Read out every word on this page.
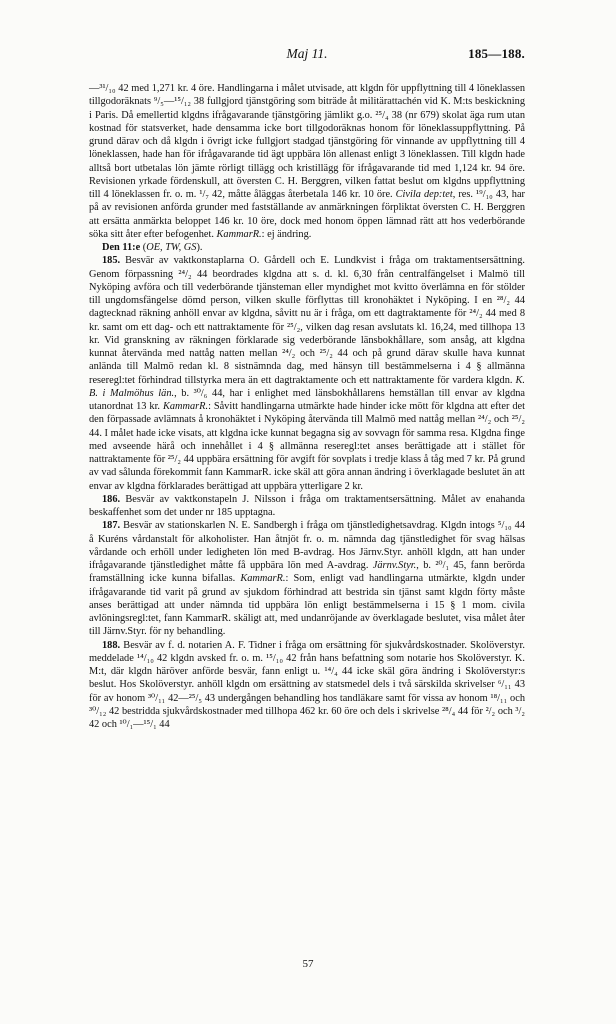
Maj 11.	185—188.

—³¹/₁₀ 42 med 1,271 kr. 4 öre. Handlingarna i målet utvisade, att klgdn för uppflyttning till 4 löneklassen tillgodoräknats ⁹/₅—¹⁵/₁₂ 38 fullgjord tjänstgöring som biträde åt militärattachén vid K. M:ts beskickning i Paris. Då emellertid klgdns ifrågavarande tjänstgöring jämlikt g.o. ²⁵/₄ 38 (nr 679) skolat äga rum utan kostnad för statsverket, hade densamma icke bort tillgodoräknas honom för löneklassuppflyttning. På grund därav och då klgdn i övrigt icke fullgjort stadgad tjänstgöring för vinnande av uppflyttning till 4 löneklassen, hade han för ifrågavarande tid ägt uppbära lön allenast enligt 3 löneklassen. Till klgdn hade alltså bort utbetalas lön jämte rörligt tillägg och kristillägg för ifrågavarande tid med 1,124 kr. 94 öre. Revisionen yrkade fördenskull, att översten C. H. Berggren, vilken fattat beslut om klgdns uppflyttning till 4 löneklassen fr. o. m. ¹/₇ 42, måtte åläggas återbetala 146 kr. 10 öre. Civila dep:tet, res. ¹⁹/₁₀ 43, har på av revisionen anförda grunder med fastställande av anmärkningen förpliktat översten C. H. Berggren att ersätta anmärkta beloppet 146 kr. 10 öre, dock med honom öppen lämnad rätt att hos vederbörande söka sitt åter efter befogenhet. KammarR.: ej ändring.

Den 11:e (OE, TW, GS).

185. Besvär av vaktkonstaplarna O. Gårdell och E. Lundkvist i fråga om traktamentsersättning. Genom förpassning ²⁴/₂ 44 beordrades klgdna att s. d. kl. 6,30 från centralfängelset i Malmö till Nyköping avföra och till vederbörande tjänsteman eller myndighet mot kvitto överlämna en för stölder till ungdomsfängelse dömd person, vilken skulle förflyttas till kronohäktet i Nyköping. I en ²⁸/₂ 44 dagtecknad räkning anhöll envar av klgdna, såvitt nu är i fråga, om ett dagtraktamente för ²⁴/₂ 44 med 8 kr. samt om ett dag- och ett nattraktamente för ²⁵/₂, vilken dag resan avslutats kl. 16,24, med tillhopa 13 kr. Vid granskning av räkningen förklarade sig vederbörande länsbokhållare, som ansåg, att klgdna kunnat återvända med nattåg natten mellan ²⁴/₂ och ²⁵/₂ 44 och på grund därav skulle hava kunnat anlända till Malmö redan kl. 8 sistnämnda dag, med hänsyn till bestämmelserna i 4 § allmänna reseregl:tet förhindrad tillstyrka mera än ett dagtraktamente och ett nattraktamente för vardera klgdn. K. B. i Malmöhus län., b. ³⁰/₆ 44, har i enlighet med länsbokhållarens hemställan till envar av klgdna utanordnat 13 kr. KammarR.: Såvitt handlingarna utmärkte hade hinder icke mött för klgdna att efter det den förpassade avlämnats å kronohäktet i Nyköping återvända till Malmö med nattåg mellan ²⁴/₂ och ²⁵/₂ 44. I målet hade icke visats, att klgdna icke kunnat begagna sig av sovvagn för samma resa. Klgdna finge med avseende härå och innehållet i 4 § allmänna reseregl:tet anses berättigade att i stället för nattraktamente för ²⁵/₂ 44 uppbära ersättning för avgift för sovplats i tredje klass å tåg med 7 kr. På grund av vad sålunda förekommit fann KammarR. icke skäl att göra annan ändring i överklagade beslutet än att envar av klgdna förklarades berättigad att uppbära ytterligare 2 kr.

186. Besvär av vaktkonstapeln J. Nilsson i fråga om traktamentsersättning. Målet av enahanda beskaffenhet som det under nr 185 upptagna.

187. Besvär av stationskarlen N. E. Sandbergh i fråga om tjänstledighetsavdrag. Klgdn intogs ⁵/₁₀ 44 å Kuréns vårdanstalt för alkoholister. Han åtnjöt fr. o. m. nämnda dag tjänstledighet för svag hälsas vårdande och erhöll under ledigheten lön med B-avdrag. Hos Järnv.Styr. anhöll klgdn, att han under ifrågavarande tjänstledighet måtte få uppbära lön med A-avdrag. Järnv.Styr., b. ²⁰/₁ 45, fann berörda framställning icke kunna bifallas. KammarR.: Som, enligt vad handlingarna utmärkte, klgdn under ifrågavarande tid varit på grund av sjukdom förhindrad att bestrida sin tjänst samt klgdn förty måste anses berättigad att under nämnda tid uppbära lön enligt bestämmelserna i 15 § 1 mom. civila avlöningsregl:tet, fann KammarR. skäligt att, med undanröjande av överklagade beslutet, visa målet åter till Järnv.Styr. för ny behandling.

188. Besvär av f. d. notarien A. F. Tidner i fråga om ersättning för sjukvårdskostnader. Skolöverstyr. meddelade ¹⁴/₁₀ 42 klgdn avsked fr. o. m. ¹⁵/₁₀ 42 från hans befattning som notarie hos Skolöverstyr. K. M:t, där klgdn häröver anförde besvär, fann enligt u. ¹⁴/₄ 44 icke skäl göra ändring i Skolöverstyr:s beslut. Hos Skolöverstyr. anhöll klgdn om ersättning av statsmedel dels i två särskilda skrivelser ⁶/₁₁ 43 för av honom ³⁰/₁₁ 42—²⁵/₅ 43 undergången behandling hos tandläkare samt för vissa av honom ¹⁸/₁₁ och ³⁰/₁₂ 42 bestridda sjukvårdskostnader med tillhopa 462 kr. 60 öre och dels i skrivelse ²⁸/₄ 44 för ²/₂ och ³/₂ 42 och ¹⁰/₁—¹⁵/₁ 44

57
